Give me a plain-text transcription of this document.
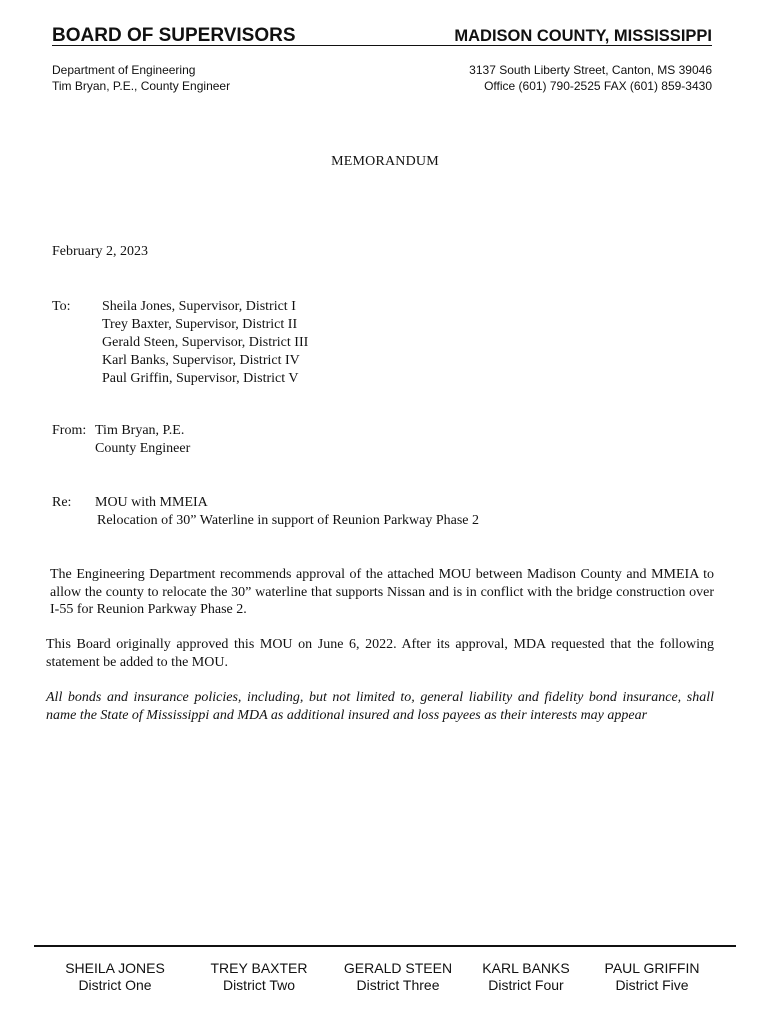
BOARD OF SUPERVISORS	MADISON COUNTY, MISSISSIPPI
Department of Engineering
Tim Bryan, P.E., County Engineer
3137 South Liberty Street, Canton, MS 39046
Office (601) 790-2525 FAX (601) 859-3430
MEMORANDUM
February 2, 2023
To: Sheila Jones, Supervisor, District I
Trey Baxter, Supervisor, District II
Gerald Steen, Supervisor, District III
Karl Banks, Supervisor, District IV
Paul Griffin, Supervisor, District V
From: Tim Bryan, P.E.
County Engineer
Re: MOU with MMEIA
Relocation of 30” Waterline in support of Reunion Parkway Phase 2
The Engineering Department recommends approval of the attached MOU between Madison County and MMEIA to allow the county to relocate the 30” waterline that supports Nissan and is in conflict with the bridge construction over I-55 for Reunion Parkway Phase 2.
This Board originally approved this MOU on June 6, 2022. After its approval, MDA requested that the following statement be added to the MOU.
All bonds and insurance policies, including, but not limited to, general liability and fidelity bond insurance, shall name the State of Mississippi and MDA as additional insured and loss payees as their interests may appear
SHEILA JONES
District One
TREY BAXTER
District Two
GERALD STEEN
District Three
KARL BANKS
District Four
PAUL GRIFFIN
District Five
